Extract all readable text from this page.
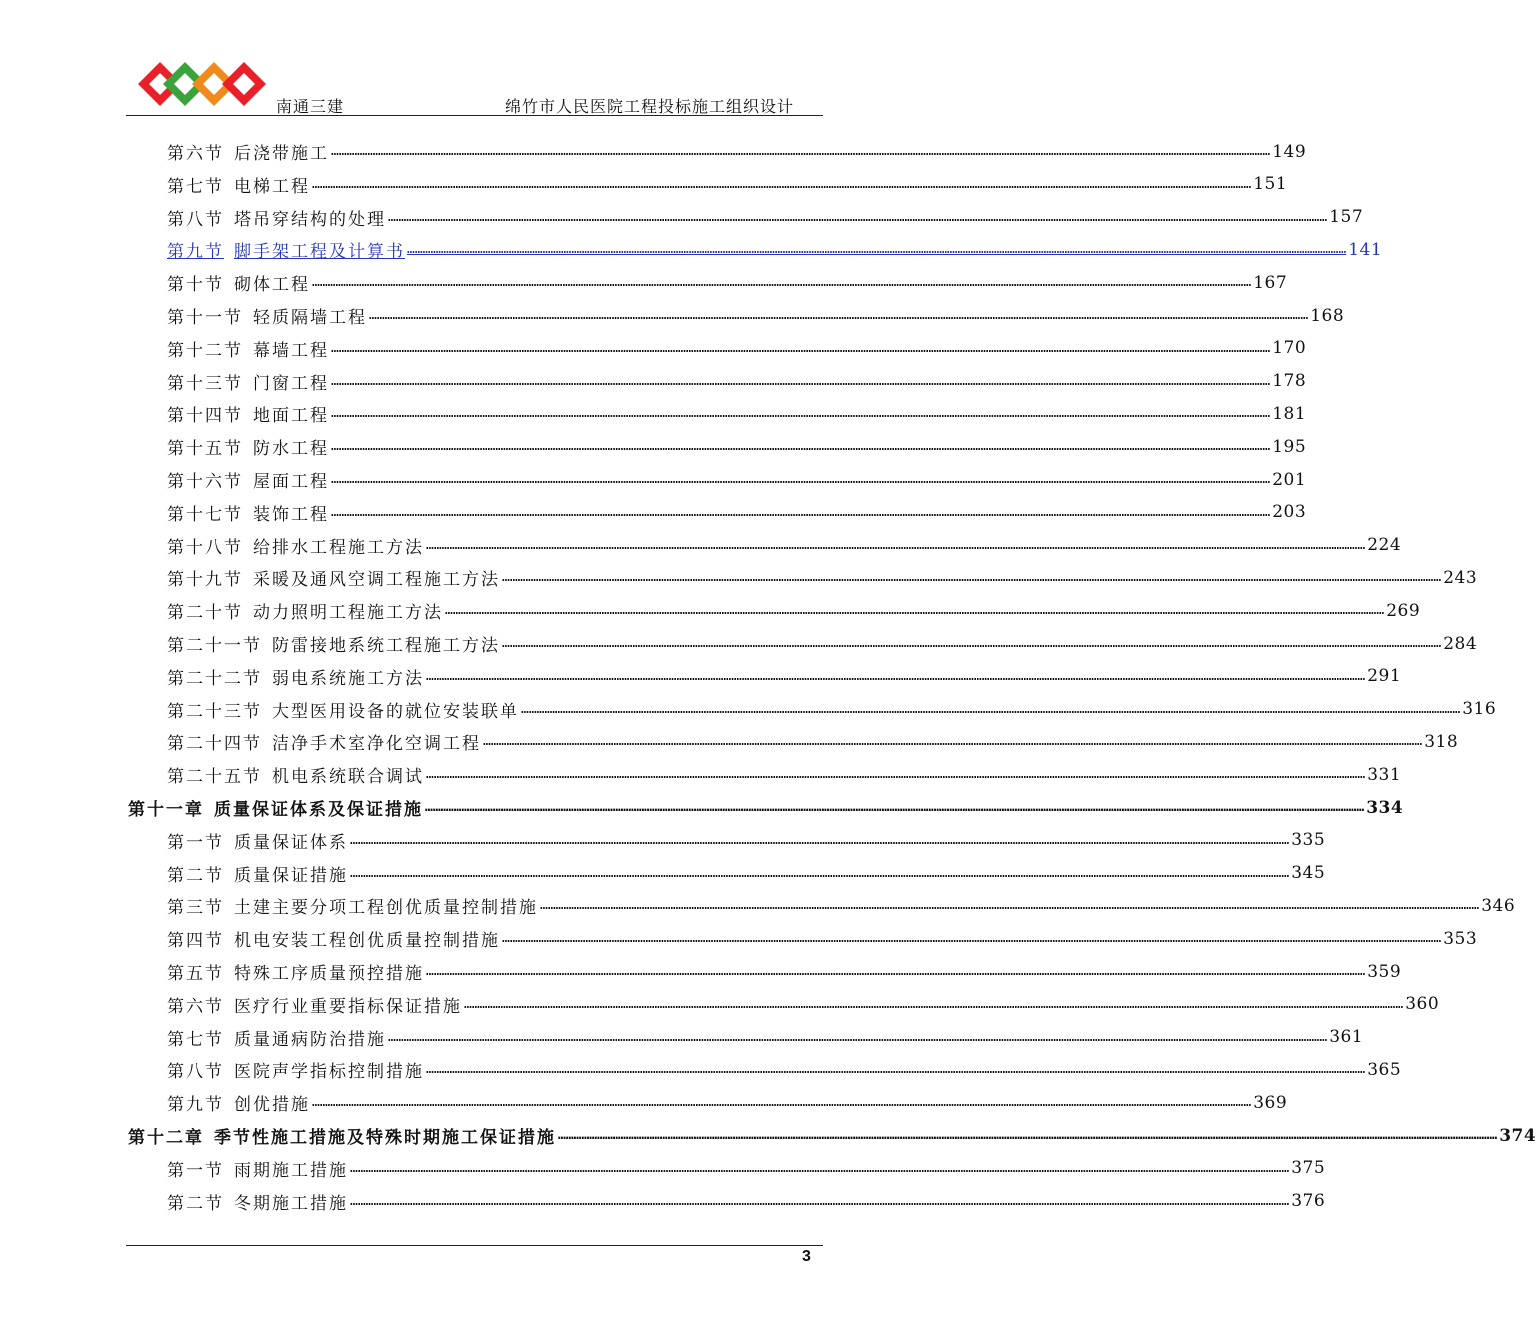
南通三建	绵竹市人民医院工程投标施工组织设计
第六节 后浇带施工 ……………………………………………………………………………………………………………………………………………………………………………………………………………………………………………………………………………………………………………………………… 149
第七节 电梯工程 ……………………………………………………………………………………………………………………………………………………………………………………………………………………………………………………………………………………………………………………………… 151
第八节 塔吊穿结构的处理 ……………………………………………………………………………………………………………………………………………………………………………………………………………………………………………………………………………………………………………………………… 157
第九节 脚手架工程及计算书 ……………………………………………………………………………………………………………………………………………………………………………………………………………………………………………………………………………………………………………………………… 141
第十节 砌体工程 ……………………………………………………………………………………………………………………………………………………………………………………………………………………………………………………………………………………………………………………………… 167
第十一节 轻质隔墙工程 ……………………………………………………………………………………………………………………………………………………………………………………………………………………………………………………………………………………………………………………………… 168
第十二节 幕墙工程 ……………………………………………………………………………………………………………………………………………………………………………………………………………………………………………………………………………………………………………………………… 170
第十三节 门窗工程 ……………………………………………………………………………………………………………………………………………………………………………………………………………………………………………………………………………………………………………………………… 178
第十四节 地面工程 ……………………………………………………………………………………………………………………………………………………………………………………………………………………………………………………………………………………………………………………………… 181
第十五节 防水工程 ……………………………………………………………………………………………………………………………………………………………………………………………………………………………………………………………………………………………………………………………… 195
第十六节 屋面工程 ……………………………………………………………………………………………………………………………………………………………………………………………………………………………………………………………………………………………………………………………… 201
第十七节 装饰工程 ……………………………………………………………………………………………………………………………………………………………………………………………………………………………………………………………………………………………………………………………… 203
第十八节 给排水工程施工方法 ……………………………………………………………………………………………………………………………………………………………………………………………………………………………………………………………………………………………………………………………… 224
第十九节 采暖及通风空调工程施工方法 ……………………………………………………………………………………………………………………………………………………………………………………………………………………………………………………………………………………………………………………………… 243
第二十节 动力照明工程施工方法 ……………………………………………………………………………………………………………………………………………………………………………………………………………………………………………………………………………………………………………………………… 269
第二十一节 防雷接地系统工程施工方法 ……………………………………………………………………………………………………………………………………………………………………………………………………………………………………………………………………………………………………………………………… 284
第二十二节 弱电系统施工方法 ……………………………………………………………………………………………………………………………………………………………………………………………………………………………………………………………………………………………………………………………… 291
第二十三节 大型医用设备的就位安装联单 ……………………………………………………………………………………………………………………………………………………………………………………………………………………………………………………………………………………………………………………………… 316
第二十四节 洁净手术室净化空调工程 ……………………………………………………………………………………………………………………………………………………………………………………………………………………………………………………………………………………………………………………………… 318
第二十五节 机电系统联合调试 ……………………………………………………………………………………………………………………………………………………………………………………………………………………………………………………………………………………………………………………………… 331
第十一章 质量保证体系及保证措施 ……………………………………………………………………………………………………………………………………………………………………………………………………………………………………………………………………………………………………………………………… 334
第一节 质量保证体系 ……………………………………………………………………………………………………………………………………………………………………………………………………………………………………………………………………………………………………………………………… 335
第二节 质量保证措施 ……………………………………………………………………………………………………………………………………………………………………………………………………………………………………………………………………………………………………………………………… 345
第三节 土建主要分项工程创优质量控制措施 ……………………………………………………………………………………………………………………………………………………………………………………………………………………………………………………………………………………………………………………………… 346
第四节 机电安装工程创优质量控制措施 ……………………………………………………………………………………………………………………………………………………………………………………………………………………………………………………………………………………………………………………………… 353
第五节 特殊工序质量预控措施 ……………………………………………………………………………………………………………………………………………………………………………………………………………………………………………………………………………………………………………………………… 359
第六节 医疗行业重要指标保证措施 ……………………………………………………………………………………………………………………………………………………………………………………………………………………………………………………………………………………………………………………………… 360
第七节 质量通病防治措施 ……………………………………………………………………………………………………………………………………………………………………………………………………………………………………………………………………………………………………………………………… 361
第八节 医院声学指标控制措施 ……………………………………………………………………………………………………………………………………………………………………………………………………………………………………………………………………………………………………………………………… 365
第九节 创优措施 ……………………………………………………………………………………………………………………………………………………………………………………………………………………………………………………………………………………………………………………………… 369
第十二章 季节性施工措施及特殊时期施工保证措施 ……………………………………………………………………………………………………………………………………………………………………………………………………………………………………………………………………………………………………………………………… 374
第一节 雨期施工措施 ……………………………………………………………………………………………………………………………………………………………………………………………………………………………………………………………………………………………………………………………… 375
第二节 冬期施工措施 ……………………………………………………………………………………………………………………………………………………………………………………………………………………………………………………………………………………………………………………………… 376
3
